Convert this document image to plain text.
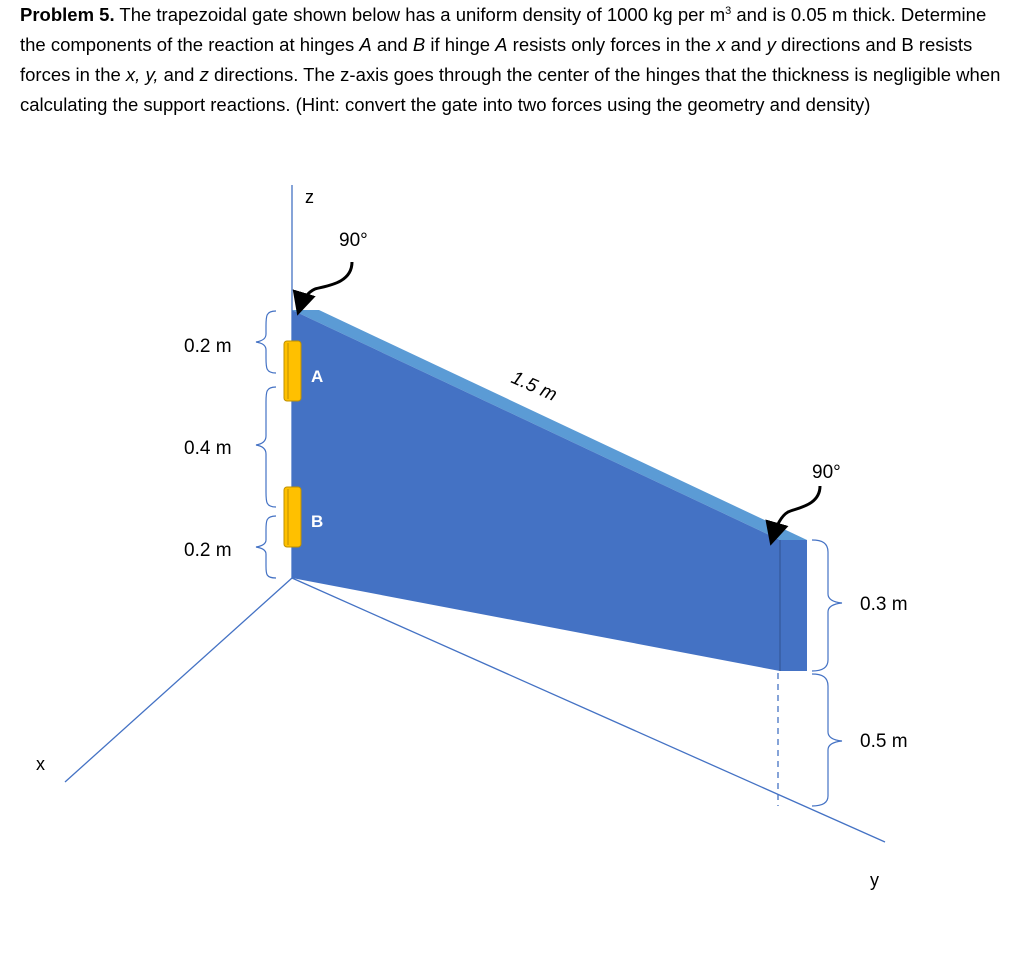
Problem 5. The trapezoidal gate shown below has a uniform density of 1000 kg per $m^3$ and is 0.05 m thick. Determine the components of the reaction at hinges A and B if hinge A resists only forces in the x and y directions and B resists forces in the x, y, and z directions. The z-axis goes through the center of the hinges that the thickness is negligible when calculating the support reactions. (Hint: convert the gate into two forces using the geometry and density)

A
B
0.2 m
0.4 m
0.2 m
0.3 m
0.5 m
1.5 m
90°
90°
z
x
y
